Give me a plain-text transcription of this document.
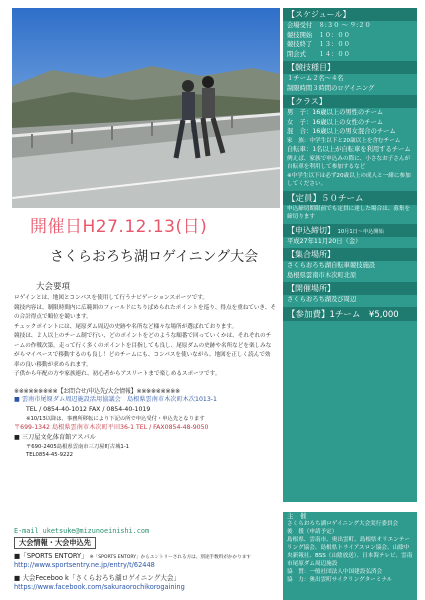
【スケジュール】
会場受付　８:３０ ～ ９:２０
競技開始　１０：００
競技終了　１３：００
閉会式　　１４：００
【競技種目】
１チーム２名～４名
制限時間３時間のロゲイニング
【クラス】
男　子：16歳以上の男性のチーム
女　子：16歳以上の女性のチーム
混　合：16歳以上の男女混合のチーム
家　族：中学生以下と20歳以上を含むチーム
自転車：1名以上が自転車を利用するチーム
例えば、家族で申込みの際に、小さなお子さんが自転車を利用して参加するなど
※中学生以下は必ず20歳以上の成人と一緒に参加してください。
【定員】５０チーム
申込締切期限前でも定員に達した場合は、募集を締切ります
【申込締切】 10月1日～申込開始
平成27年11月20日（金）
【集合場所】
さくらおろち湖自転車競技施設
島根県雲南市木次町北原
【開催場所】
さくらおろち湖及び周辺
【参加費】1チーム　¥5,000
主　催
さくらおろち湖ロゲイニング大会実行委員会
後　援（申請予定）
島根県、雲南市、奥出雲町、島根県オリエンテーリング協会、島根県トライアスロン協会、山陰中央新報社、BSS（山陰放送）、日本海テレビ、雲南市尾原ダム周辺施設
協　賛：一般社団法人中国建設弘済会
協　力：奥出雲町サイクリングターミナル
開催日H27.12.13(日)
さくらおろち湖ロゲイニング大会
大会要項

ロゲインとは、地図とコンパスを使用して行うナビゲーションスポーツです。

競技内容は、制限時間内に広範囲のフィールドにちりばめられたポイントを巡り、得点を重ねていき、その合計得点で順位を競います。

チェックポイントには、尾原ダム周辺の史跡や名所など様々な場所が選ばれております。

競技は、２人以上のチーム制で行い、どのポイントをどのような順番で回っていくかは、それぞれのチームの作戦次第。走って行く多くのポイントを目指しても良し、尾原ダムの史跡や名所などを楽しみながらマイペースで移動するのも良し！どのチームにも、コンパスを使いながら、地図を正しく読んで効率の良い移動が求められます。

子供から年配の方や家族連れ、初心者からアスリートまで楽しめるスポーツです。

※※※※※※※※※【お問合せ/申込先/大会情報】※※※※※※※※※
■ 雲南市尾原ダム周辺施設活用協議会　島根県雲南市木次町木次1013-1
TEL / 0854-40-1012 FAX / 0854-40-1019
※10/13以降は、事務所移転により下記の所で申込受付・申込先となります
〒699-1342 島根県雲南市木次町平田36-1 TEL / FAX0854-48-9050
■ 三刀屋文化体育館アスパル
〒690-2405島根県雲南市三刀屋町古城1-1
TEL0854-45-9222
E-mail uketsuke@mizunoeinishi.com
大会情報・大会申込先
■「SPORTS ENTORY」 ※「SPORTS ENTORY」からエントリーされる方は、別途手数料がかかります
http://www.sportsentry.ne.jp/entry/t/62448
■ 大会Feceboo k「さくらおろち湖ロゲイニング大会」
https://www.facebook.com/sakuraorochikorogaining
